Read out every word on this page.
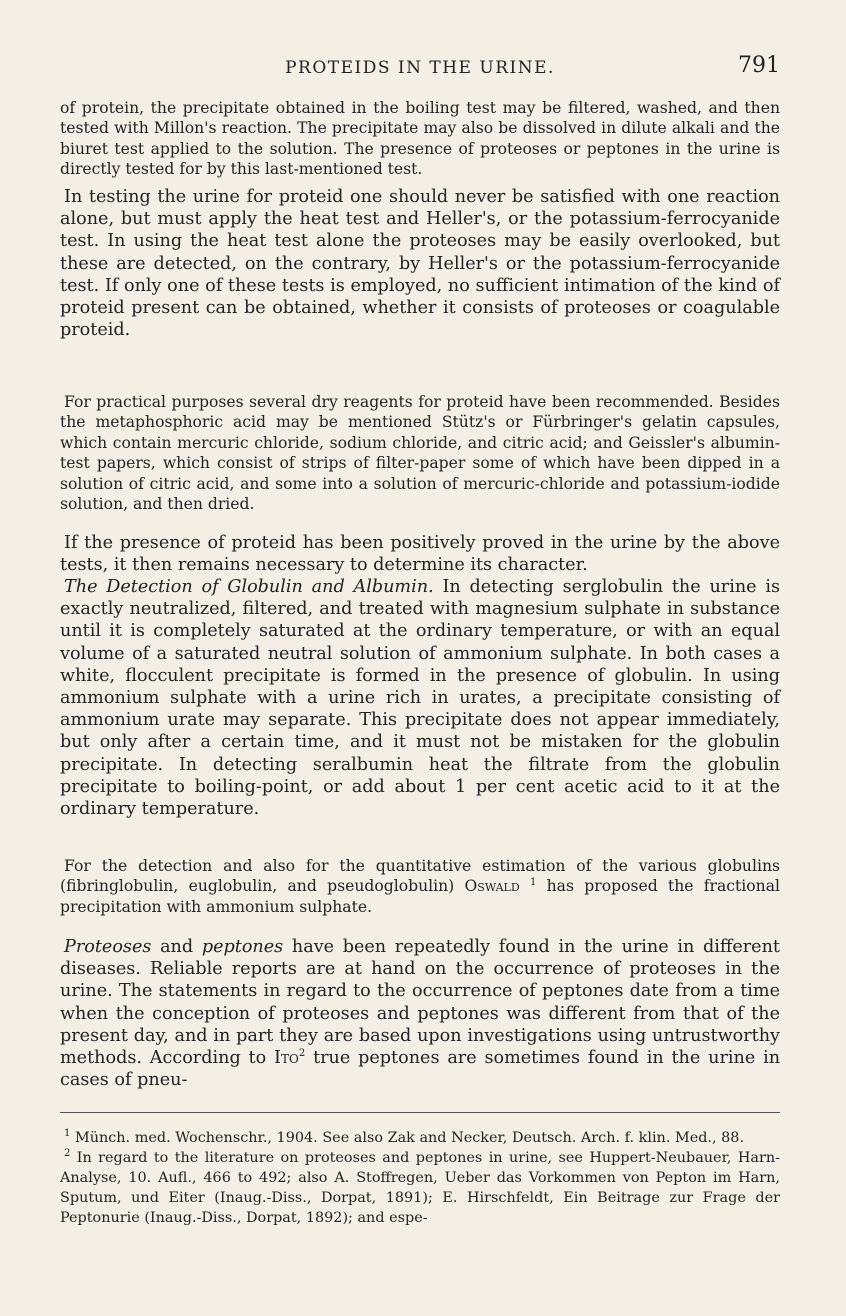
PROTEIDS IN THE URINE.	791

of protein, the precipitate obtained in the boiling test may be filtered, washed, and then tested with Millon's reaction. The precipitate may also be dissolved in dilute alkali and the biuret test applied to the solution. The presence of proteoses or peptones in the urine is directly tested for by this last-mentioned test.

In testing the urine for proteid one should never be satisfied with one reaction alone, but must apply the heat test and Heller's, or the potassium-ferrocyanide test. In using the heat test alone the proteoses may be easily overlooked, but these are detected, on the contrary, by Heller's or the potassium-ferrocyanide test. If only one of these tests is employed, no sufficient intimation of the kind of proteid present can be obtained, whether it consists of proteoses or coagulable proteid.

For practical purposes several dry reagents for proteid have been recommended. Besides the metaphosphoric acid may be mentioned Stütz's or Fürbringer's gelatin capsules, which contain mercuric chloride, sodium chloride, and citric acid; and Geissler's albumin-test papers, which consist of strips of filter-paper some of which have been dipped in a solution of citric acid, and some into a solution of mercuric-chloride and potassium-iodide solution, and then dried.

If the presence of proteid has been positively proved in the urine by the above tests, it then remains necessary to determine its character.

The Detection of Globulin and Albumin. In detecting serglobulin the urine is exactly neutralized, filtered, and treated with magnesium sulphate in substance until it is completely saturated at the ordinary temperature, or with an equal volume of a saturated neutral solution of ammonium sulphate. In both cases a white, flocculent precipitate is formed in the presence of globulin. In using ammonium sulphate with a urine rich in urates, a precipitate consisting of ammonium urate may separate. This precipitate does not appear immediately, but only after a certain time, and it must not be mistaken for the globulin precipitate. In detecting seralbumin heat the filtrate from the globulin precipitate to boiling-point, or add about 1 per cent acetic acid to it at the ordinary temperature.

For the detection and also for the quantitative estimation of the various globulins (fibringlobulin, euglobulin, and pseudoglobulin) Oswald $^1$ has proposed the fractional precipitation with ammonium sulphate.

Proteoses and peptones have been repeatedly found in the urine in different diseases. Reliable reports are at hand on the occurrence of proteoses in the urine. The statements in regard to the occurrence of peptones date from a time when the conception of proteoses and peptones was different from that of the present day, and in part they are based upon investigations using untrustworthy methods. According to Ito$^2$ true peptones are sometimes found in the urine in cases of pneu-

$^1$ Münch. med. Wochenschr., 1904. See also Zak and Necker, Deutsch. Arch. f. klin. Med., 88.

$^2$ In regard to the literature on proteoses and peptones in urine, see Huppert-Neubauer, Harn-Analyse, 10. Aufl., 466 to 492; also A. Stoffregen, Ueber das Vorkommen von Pepton im Harn, Sputum, und Eiter (Inaug.-Diss., Dorpat, 1891); E. Hirschfeldt, Ein Beitrage zur Frage der Peptonurie (Inaug.-Diss., Dorpat, 1892); and espe-
